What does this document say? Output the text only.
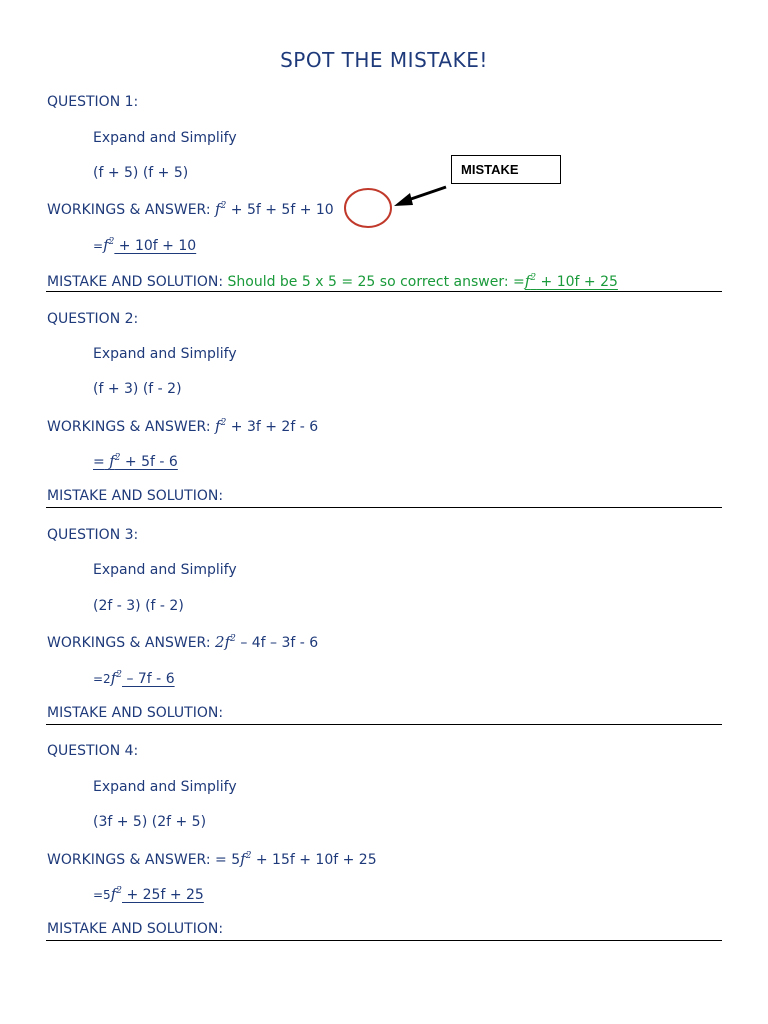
SPOT THE MISTAKE!
QUESTION 1:
Expand and Simplify
(f + 5) (f + 5)
WORKINGS & ANSWER: $f^2 + 5f + 5f + 10$
$=f^2 + 10f + 10$
MISTAKE AND SOLUTION: Should be 5 x 5 = 25 so correct answer: $=f^2 + 10f + 25$
QUESTION 2:
Expand and Simplify
(f + 3) (f - 2)
WORKINGS & ANSWER: $f^2 + 3f + 2f - 6$
= $f^2 + 5f - 6$
MISTAKE AND SOLUTION:
QUESTION 3:
Expand and Simplify
(2f - 3) (f - 2)
WORKINGS & ANSWER: $2f^2 - 4f - 3f - 6$
$=2f^2 - 7f - 6$
MISTAKE AND SOLUTION:
QUESTION 4:
Expand and Simplify
(3f + 5) (2f + 5)
WORKINGS & ANSWER: = $5f^2 + 15f + 10f + 25$
$=5f^2 + 25f + 25$
MISTAKE AND SOLUTION:
MISTAKE
